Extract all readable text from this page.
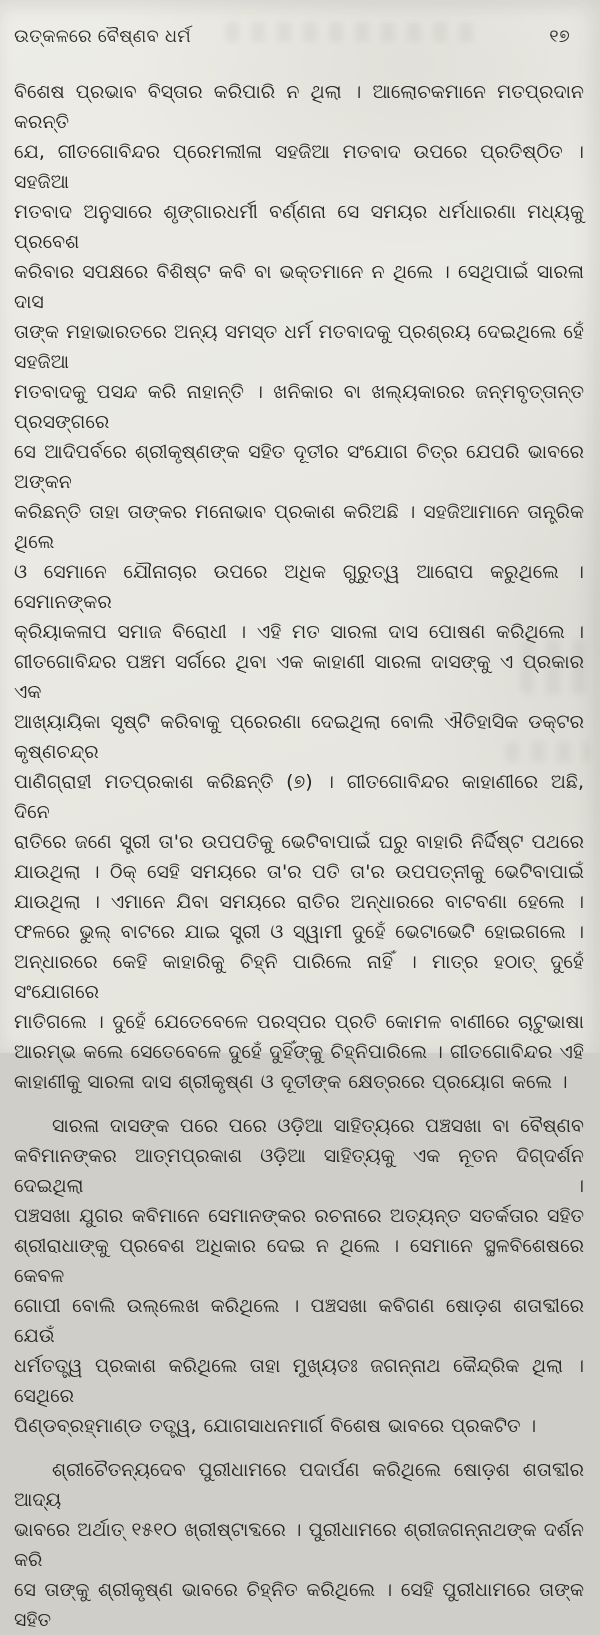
ଉତ୍କଳରେ ବୈଷ୍ଣବ ଧର୍ମ	୧୭
ବିଶେଷ ପ୍ରଭାବ ବିସ୍ତାର କରିପାରି ନ ଥିଲା । ଆଲୋଚକମାନେ ମତପ୍ରଦାନ କରନ୍ତି
ଯେ, ଗୀତଗୋବିନ୍ଦର ପ୍ରେମଲୀଳା ସହଜିଆ ମତବାଦ ଉପରେ ପ୍ରତିଷ୍ଠିତ । ସହଜିଆ
ମତବାଦ ଅନୁସାରେ ଶୃଙ୍ଗାରଧର୍ମୀ ବର୍ଣ୍ଣନା ସେ ସମୟର ଧର୍ମଧାରଣା ମଧ୍ୟକୁ ପ୍ରବେଶ
କରିବାର ସପକ୍ଷରେ ବିଶିଷ୍ଟ କବି ବା ଭକ୍ତମାନେ ନ ଥିଲେ । ସେଥିପାଇଁ ସାରଳା ଦାସ
ତାଙ୍କ ମହାଭାରତରେ ଅନ୍ୟ ସମସ୍ତ ଧର୍ମ ମତବାଦକୁ ପ୍ରଶ୍ରୟ ଦେଇଥିଲେ ହେଁ ସହଜିଆ
ମତବାଦକୁ ପସନ୍ଦ କରି ନାହାନ୍ତି । ଖନିକାର ବା ଖଲ୍ୟକାରର ଜନ୍ମବୃତ୍ତାନ୍ତ ପ୍ରସଙ୍ଗରେ
ସେ ଆଦିପର୍ବରେ ଶ୍ରୀକୃଷ୍ଣଙ୍କ ସହିତ ଦୂତୀର ସଂଯୋଗ ଚିତ୍ର ଯେପରି ଭାବରେ ଅଙ୍କନ
କରିଛନ୍ତି ତାହା ତାଙ୍କର ମନୋଭାବ ପ୍ରକାଶ କରିଅଛି । ସହଜିଆମାନେ ତାନ୍ତ୍ରିକ ଥିଲେ
ଓ ସେମାନେ ଯୌନାଚାର ଉପରେ ଅଧିକ ଗୁରୁତ୍ୱ ଆରୋପ କରୁଥିଲେ । ସେମାନଙ୍କର
କ୍ରିୟାକଳାପ ସମାଜ ବିରୋଧୀ । ଏହି ମତ ସାରଳା ଦାସ ପୋଷଣ କରିଥିଲେ ।
ଗୀତଗୋବିନ୍ଦର ପଞ୍ଚମ ସର୍ଗରେ ଥିବା ଏକ କାହାଣୀ ସାରଳା ଦାସଙ୍କୁ ଏ ପ୍ରକାର ଏକ
ଆଖ୍ୟାୟିକା ସୃଷ୍ଟି କରିବାକୁ ପ୍ରେରଣା ଦେଇଥିଲା ବୋଲି ଐତିହାସିକ ଡକ୍ଟର କୃଷ୍ଣଚନ୍ଦ୍ର
ପାଣିଗ୍ରାହୀ ମତପ୍ରକାଶ କରିଛନ୍ତି (୭) । ଗୀତଗୋବିନ୍ଦର କାହାଣୀରେ ଅଛି, ଦିନେ
ରାତିରେ ଜଣେ ସ୍ତ୍ରୀ ତା'ର ଉପପତିକୁ ଭେଟିବାପାଇଁ ଘରୁ ବାହାରି ନିର୍ଦ୍ଦିଷ୍ଟ ପଥରେ
ଯାଉଥିଲା । ଠିକ୍ ସେହି ସମୟରେ ତା'ର ପତି ତା'ର ଉପପତ୍ନୀକୁ ଭେଟିବାପାଇଁ
ଯାଉଥିଲା । ଏମାନେ ଯିବା ସମୟରେ ରାତିର ଅନ୍ଧାରରେ ବାଟବଣା ହେଲେ ।
ଫଳରେ ଭୁଲ୍ ବାଟରେ ଯାଇ ସ୍ତ୍ରୀ ଓ ସ୍ୱାମୀ ଦୁହେଁ ଭେଟାଭେଟି ହୋଇଗଲେ ।
ଅନ୍ଧାରରେ କେହି କାହାରିକୁ ଚିହ୍ନି ପାରିଲେ ନାହିଁ । ମାତ୍ର ହଠାତ୍ ଦୁହେଁ ସଂଯୋଗରେ
ମାତିଗଲେ । ଦୁହେଁ ଯେତେବେଳେ ପରସ୍ପର ପ୍ରତି କୋମଳ ବାଣୀରେ ଚାଟୁଭାଷା
ଆରମ୍ଭ କଲେ ସେତେବେଳେ ଦୁହେଁ ଦୁହିଁଙ୍କୁ ଚିହ୍ନିପାରିଲେ । ଗୀତଗୋବିନ୍ଦର ଏହି
କାହାଣୀକୁ ସାରଳା ଦାସ ଶ୍ରୀକୃଷ୍ଣ ଓ ଦୂତୀଙ୍କ କ୍ଷେତ୍ରରେ ପ୍ରୟୋଗ କଲେ ।
ସାରଳା ଦାସଙ୍କ ପରେ ପରେ ଓଡ଼ିଆ ସାହିତ୍ୟରେ ପଞ୍ଚସଖା ବା ବୈଷ୍ଣବ
କବିମାନଙ୍କର ଆତ୍ମପ୍ରକାଶ ଓଡ଼ିଆ ସାହିତ୍ୟକୁ ଏକ ନୂତନ ଦିଗ୍‌ଦର୍ଶନ ଦେଇଥିଲା ।
ପଞ୍ଚସଖା ଯୁଗର କବିମାନେ ସେମାନଙ୍କର ରଚନାରେ ଅତ୍ୟନ୍ତ ସତର୍କତାର ସହିତ
ଶ୍ରୀରାଧାଙ୍କୁ ପ୍ରବେଶ ଅଧିକାର ଦେଇ ନ ଥିଲେ । ସେମାନେ ସ୍ଥଳବିଶେଷରେ କେବଳ
ଗୋପୀ ବୋଲି ଉଲ୍ଲେଖ କରିଥିଲେ । ପଞ୍ଚସଖା କବିଗଣ ଷୋଡ଼ଶ ଶତାବ୍ଦୀରେ ଯେଉଁ
ଧର୍ମତତ୍ତ୍ୱ ପ୍ରକାଶ କରିଥିଲେ ତାହା ମୁଖ୍ୟତଃ ଜଗନ୍ନାଥ କୈନ୍ଦ୍ରିକ ଥିଲା । ସେଥିରେ
ପିଣ୍ଡବ୍ରହ୍ମାଣ୍ଡ ତତ୍ତ୍ୱ, ଯୋଗସାଧନମାର୍ଗ ବିଶେଷ ଭାବରେ ପ୍ରକଟିତ ।
ଶ୍ରୀଚୈତନ୍ୟଦେବ ପୁରୀଧାମରେ ପଦାର୍ପଣ କରିଥିଲେ ଷୋଡ଼ଶ ଶତାବ୍ଦୀର ଆଦ୍ୟ
ଭାବରେ ଅର୍ଥାତ୍ ୧୫୧୦ ଖ୍ରୀଷ୍ଟାବ୍ଦରେ । ପୁରୀଧାମରେ ଶ୍ରୀଜଗନ୍ନାଥଙ୍କ ଦର୍ଶନ କରି
ସେ ତାଙ୍କୁ ଶ୍ରୀକୃଷ୍ଣ ଭାବରେ ଚିହ୍ନିତ କରିଥିଲେ । ସେହି ପୁରୀଧାମରେ ତାଙ୍କ ସହିତ
